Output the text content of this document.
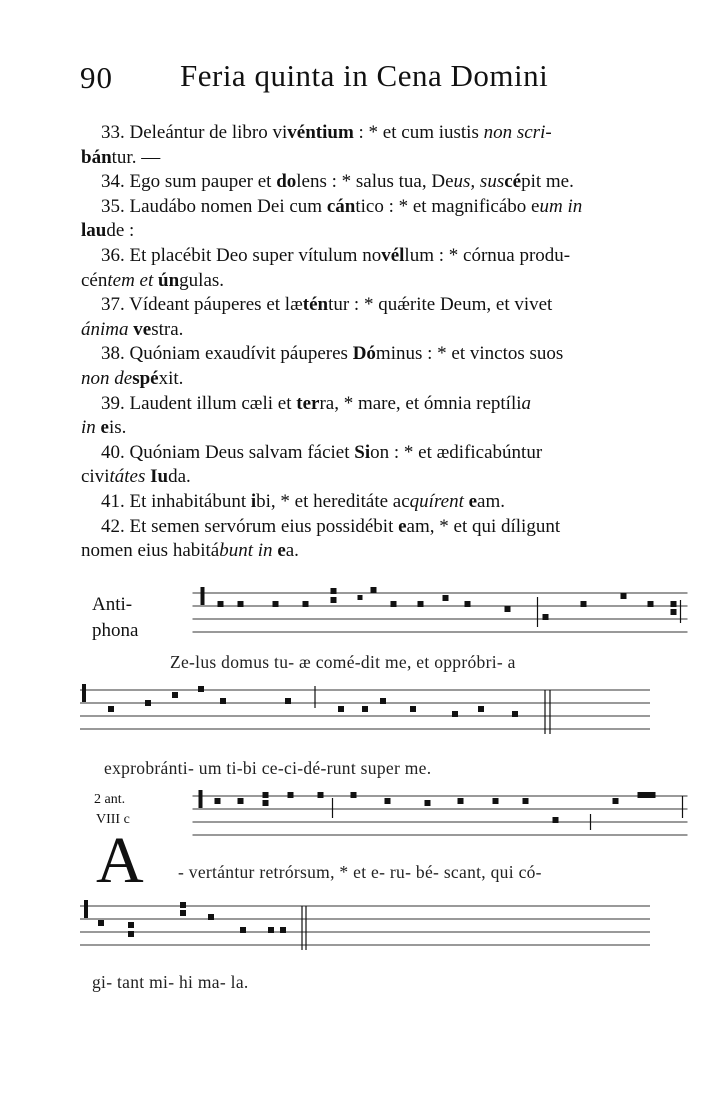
90 Feria quinta in Cena Domini

33. Deleántur de libro vivéntium : * et cum iustis non scri-
bántur. —

34. Ego sum pauper et dolens : * salus tua, Deus, suscépit me.

35. Laudábo nomen Dei cum cántico : * et magnificábo eum in
laude :

36. Et placébit Deo super vítulum novéllum : * córnua produ-
céntem et úngulas.

37. Vídeant páuperes et læténtur : * quǽrite Deum, et vivet
ánima vestra.

38. Quóniam exaudívit páuperes Dóminus : * et vinctos suos
non despéxit.

39. Laudent illum cæli et terra, * mare, et ómnia reptília
in eis.

40. Quóniam Deus salvam fáciet Sion : * et ædificabúntur
civitátes Iuda.

41. Et inhabitábunt ibi, * et hereditáte acquírent eam.

42. Et semen servórum eius possidébit eam, * et qui díligunt
nomen eius habitábunt in ea.

Anti-
phona
Ze-lus domus tu- æ comé-dit me, et oppróbri- a
exprobránti- um ti-bi ce-ci-dé-runt super me.
2 ant.
VIII c
A - vertántur retrórsum, * et e- ru- bé- scant, qui có-
gi- tant mi- hi ma- la.
